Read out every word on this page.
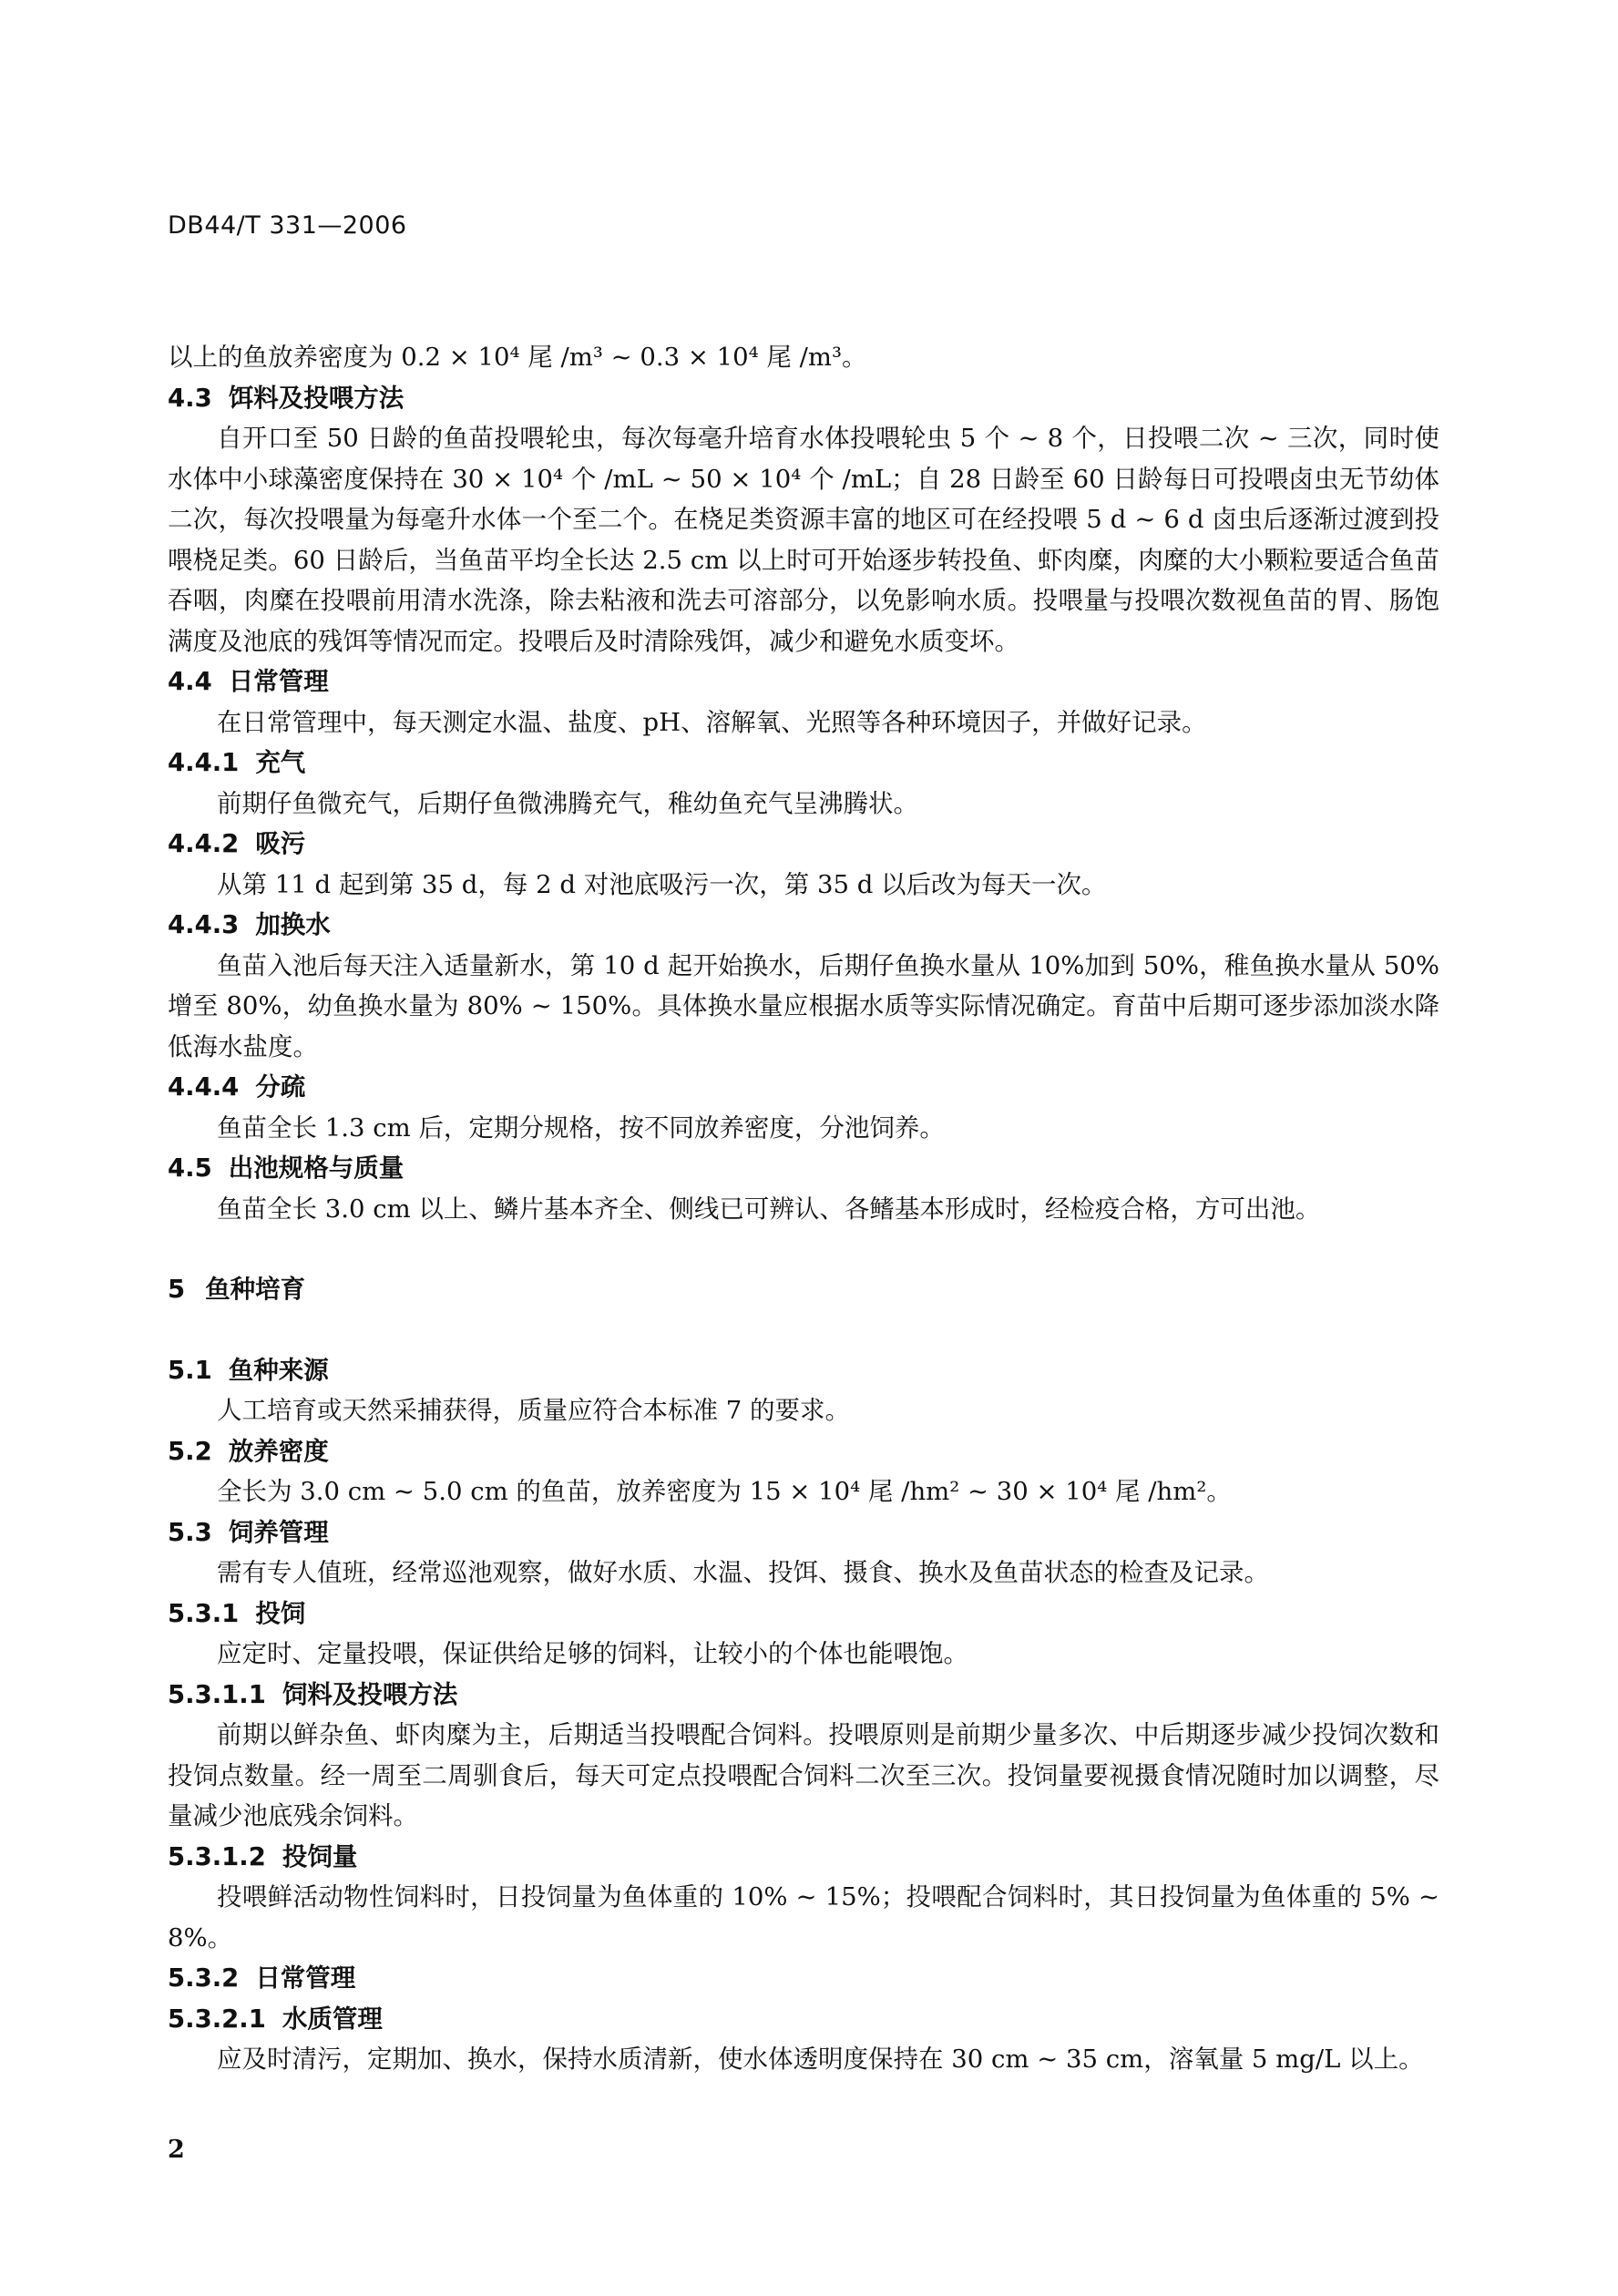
DB44/T 331—2006
以上的鱼放养密度为 0.2 × 10⁴ 尾 /m³ ~ 0.3 × 10⁴ 尾 /m³。
4.3 饵料及投喂方法
自开口至 50 日龄的鱼苗投喂轮虫，每次每毫升培育水体投喂轮虫 5 个 ~ 8 个，日投喂二次 ~ 三次，同时使水体中小球藻密度保持在 30 × 10⁴ 个 /mL ~ 50 × 10⁴ 个 /mL；自 28 日龄至 60 日龄每日可投喂卤虫无节幼体二次，每次投喂量为每毫升水体一个至二个。在桡足类资源丰富的地区可在经投喂 5 d ~ 6 d 卤虫后逐渐过渡到投喂桡足类。60 日龄后，当鱼苗平均全长达 2.5 cm 以上时可开始逐步转投鱼、虾肉糜，肉糜的大小颗粒要适合鱼苗吞咽，肉糜在投喂前用清水洗涤，除去粘液和洗去可溶部分，以免影响水质。投喂量与投喂次数视鱼苗的胃、肠饱满度及池底的残饵等情况而定。投喂后及时清除残饵，减少和避免水质变坏。
4.4 日常管理
在日常管理中，每天测定水温、盐度、pH、溶解氧、光照等各种环境因子，并做好记录。
4.4.1 充气
前期仔鱼微充气，后期仔鱼微沸腾充气，稚幼鱼充气呈沸腾状。
4.4.2 吸污
从第 11 d 起到第 35 d，每 2 d 对池底吸污一次，第 35 d 以后改为每天一次。
4.4.3 加换水
鱼苗入池后每天注入适量新水，第 10 d 起开始换水，后期仔鱼换水量从 10%加到 50%，稚鱼换水量从 50%增至 80%，幼鱼换水量为 80% ~ 150%。具体换水量应根据水质等实际情况确定。育苗中后期可逐步添加淡水降低海水盐度。
4.4.4 分疏
鱼苗全长 1.3 cm 后，定期分规格，按不同放养密度，分池饲养。
4.5 出池规格与质量
鱼苗全长 3.0 cm 以上、鳞片基本齐全、侧线已可辨认、各鳍基本形成时，经检疫合格，方可出池。
5 鱼种培育
5.1 鱼种来源
人工培育或天然采捕获得，质量应符合本标准 7 的要求。
5.2 放养密度
全长为 3.0 cm ~ 5.0 cm 的鱼苗，放养密度为 15 × 10⁴ 尾 /hm² ~ 30 × 10⁴ 尾 /hm²。
5.3 饲养管理
需有专人值班，经常巡池观察，做好水质、水温、投饵、摄食、换水及鱼苗状态的检查及记录。
5.3.1 投饲
应定时、定量投喂，保证供给足够的饲料，让较小的个体也能喂饱。
5.3.1.1 饲料及投喂方法
前期以鲜杂鱼、虾肉糜为主，后期适当投喂配合饲料。投喂原则是前期少量多次、中后期逐步减少投饲次数和投饲点数量。经一周至二周驯食后，每天可定点投喂配合饲料二次至三次。投饲量要视摄食情况随时加以调整，尽量减少池底残余饲料。
5.3.1.2 投饲量
投喂鲜活动物性饲料时，日投饲量为鱼体重的 10% ~ 15%；投喂配合饲料时，其日投饲量为鱼体重的 5% ~ 8%。
5.3.2 日常管理
5.3.2.1 水质管理
应及时清污，定期加、换水，保持水质清新，使水体透明度保持在 30 cm ~ 35 cm，溶氧量 5 mg/L 以上。
2
